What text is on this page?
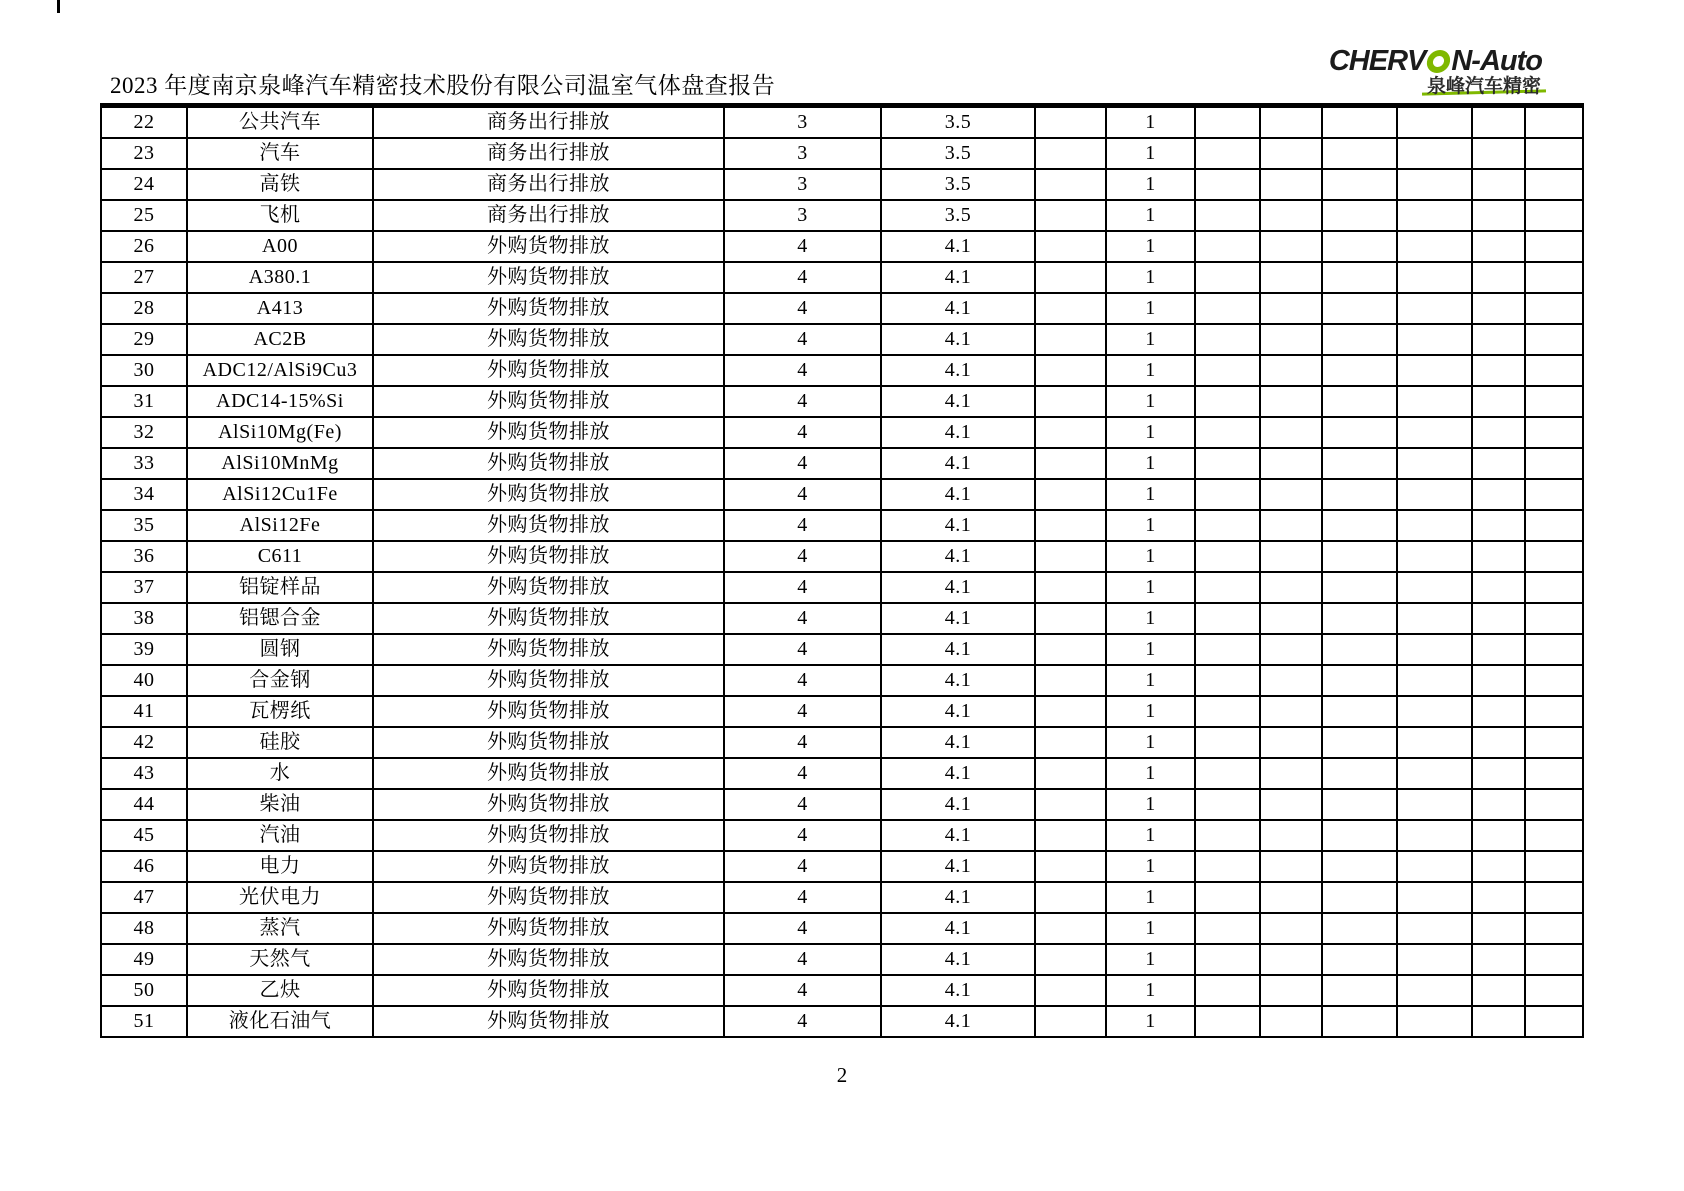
2023 年度南京泉峰汽车精密技术股份有限公司温室气体盘查报告
CHERV N-Auto
泉峰汽车精密
22	公共汽车	商务出行排放	3	3.5		1						
23	汽车	商务出行排放	3	3.5		1						
24	高铁	商务出行排放	3	3.5		1						
25	飞机	商务出行排放	3	3.5		1						
26	A00	外购货物排放	4	4.1		1						
27	A380.1	外购货物排放	4	4.1		1						
28	A413	外购货物排放	4	4.1		1						
29	AC2B	外购货物排放	4	4.1		1						
30	ADC12/AlSi9Cu3	外购货物排放	4	4.1		1						
31	ADC14-15%Si	外购货物排放	4	4.1		1						
32	AlSi10Mg(Fe)	外购货物排放	4	4.1		1						
33	AlSi10MnMg	外购货物排放	4	4.1		1						
34	AlSi12Cu1Fe	外购货物排放	4	4.1		1						
35	AlSi12Fe	外购货物排放	4	4.1		1						
36	C611	外购货物排放	4	4.1		1						
37	铝锭样品	外购货物排放	4	4.1		1						
38	铝锶合金	外购货物排放	4	4.1		1						
39	圆钢	外购货物排放	4	4.1		1						
40	合金钢	外购货物排放	4	4.1		1						
41	瓦楞纸	外购货物排放	4	4.1		1						
42	硅胶	外购货物排放	4	4.1		1						
43	水	外购货物排放	4	4.1		1						
44	柴油	外购货物排放	4	4.1		1						
45	汽油	外购货物排放	4	4.1		1						
46	电力	外购货物排放	4	4.1		1						
47	光伏电力	外购货物排放	4	4.1		1						
48	蒸汽	外购货物排放	4	4.1		1						
49	天然气	外购货物排放	4	4.1		1						
50	乙炔	外购货物排放	4	4.1		1						
51	液化石油气	外购货物排放	4	4.1		1						
2
